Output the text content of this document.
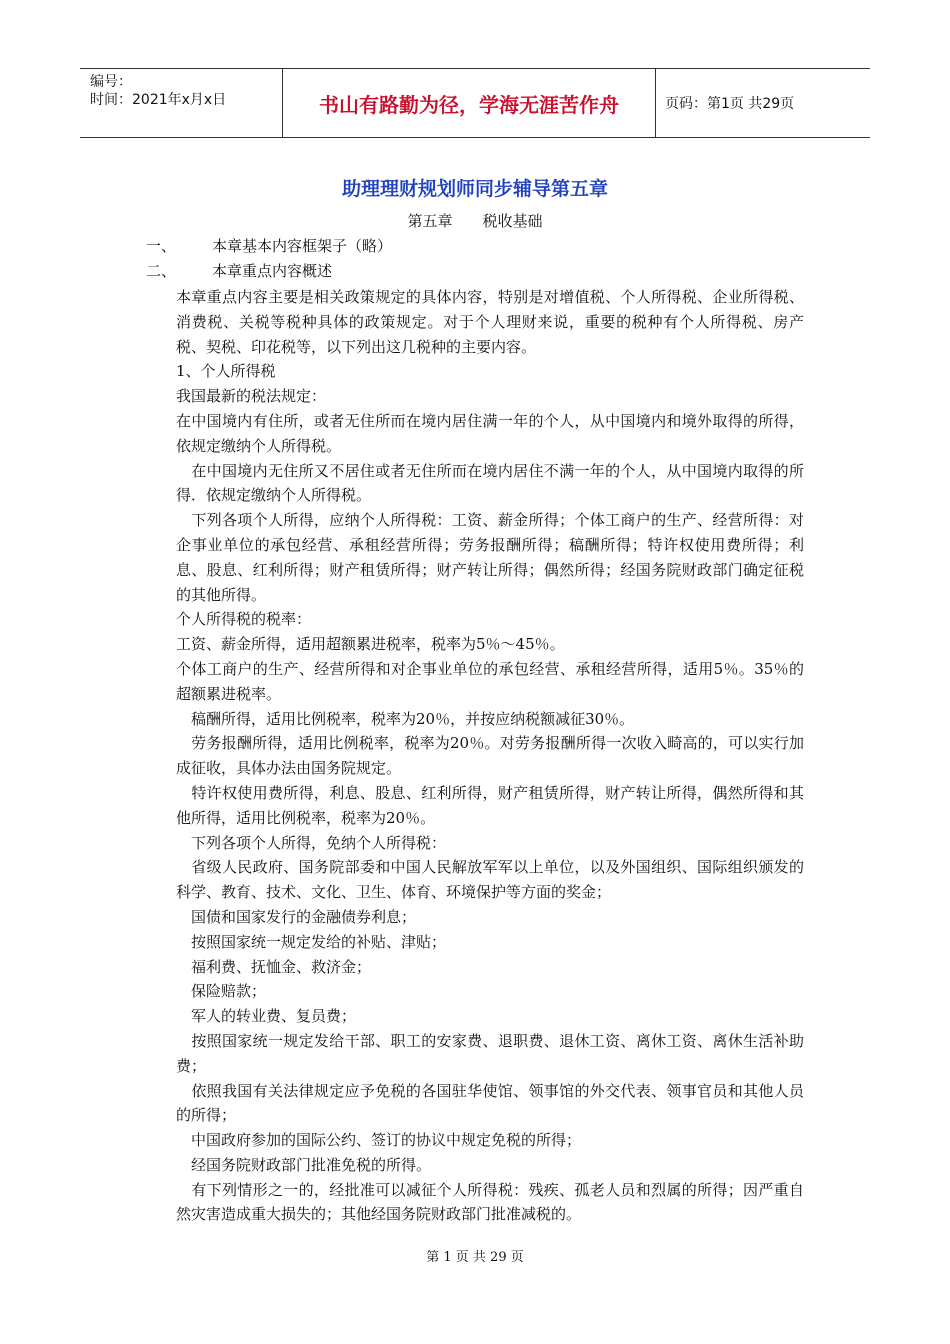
编号：
时间：2021年x月x日	书山有路勤为径，学海无涯苦作舟	页码：第1页 共29页
助理理财规划师同步辅导第五章
第五章 税收基础
一、 本章基本内容框架子（略）
二、 本章重点内容概述

本章重点内容主要是相关政策规定的具体内容，特别是对增值税、个人所得税、企业所得税、消费税、关税等税种具体的政策规定。对于个人理财来说，重要的税种有个人所得税、房产税、契税、印花税等，以下列出这几税种的主要内容。

1、个人所得税

我国最新的税法规定：

在中国境内有住所，或者无住所而在境内居住满一年的个人，从中国境内和境外取得的所得，依规定缴纳个人所得税。

　在中国境内无住所又不居住或者无住所而在境内居住不满一年的个人，从中国境内取得的所得．依规定缴纳个人所得税。

　下列各项个人所得，应纳个人所得税：工资、薪金所得；个体工商户的生产、经营所得：对企事业单位的承包经营、承租经营所得；劳务报酬所得；稿酬所得；特许权使用费所得；利息、股息、红利所得；财产租赁所得；财产转让所得；偶然所得；经国务院财政部门确定征税的其他所得。

个人所得税的税率：

工资、薪金所得，适用超额累进税率，税率为5％～45％。

个体工商户的生产、经营所得和对企事业单位的承包经营、承租经营所得，适用5％。35％的超额累进税率。

　稿酬所得，适用比例税率，税率为20％，并按应纳税额减征30％。

　劳务报酬所得，适用比例税率，税率为20％。对劳务报酬所得一次收入畸高的，可以实行加成征收，具体办法由国务院规定。

　特许权使用费所得，利息、股息、红利所得，财产租赁所得，财产转让所得，偶然所得和其他所得，适用比例税率，税率为20％。

　下列各项个人所得，免纳个人所得税：

　省级人民政府、国务院部委和中国人民解放军军以上单位，以及外国组织、国际组织颁发的科学、教育、技术、文化、卫生、体育、环境保护等方面的奖金；

　国债和国家发行的金融债券利息；

　按照国家统一规定发给的补贴、津贴；

　福利费、抚恤金、救济金；

　保险赔款；

　军人的转业费、复员费；

　按照国家统一规定发给干部、职工的安家费、退职费、退休工资、离休工资、离休生活补助费；

　依照我国有关法律规定应予免税的各国驻华使馆、领事馆的外交代表、领事官员和其他人员的所得；

　中国政府参加的国际公约、签订的协议中规定免税的所得；

　经国务院财政部门批准免税的所得。

　有下列情形之一的，经批准可以减征个人所得税：残疾、孤老人员和烈属的所得；因严重自然灾害造成重大损失的；其他经国务院财政部门批准减税的。

第 1 页 共 29 页
